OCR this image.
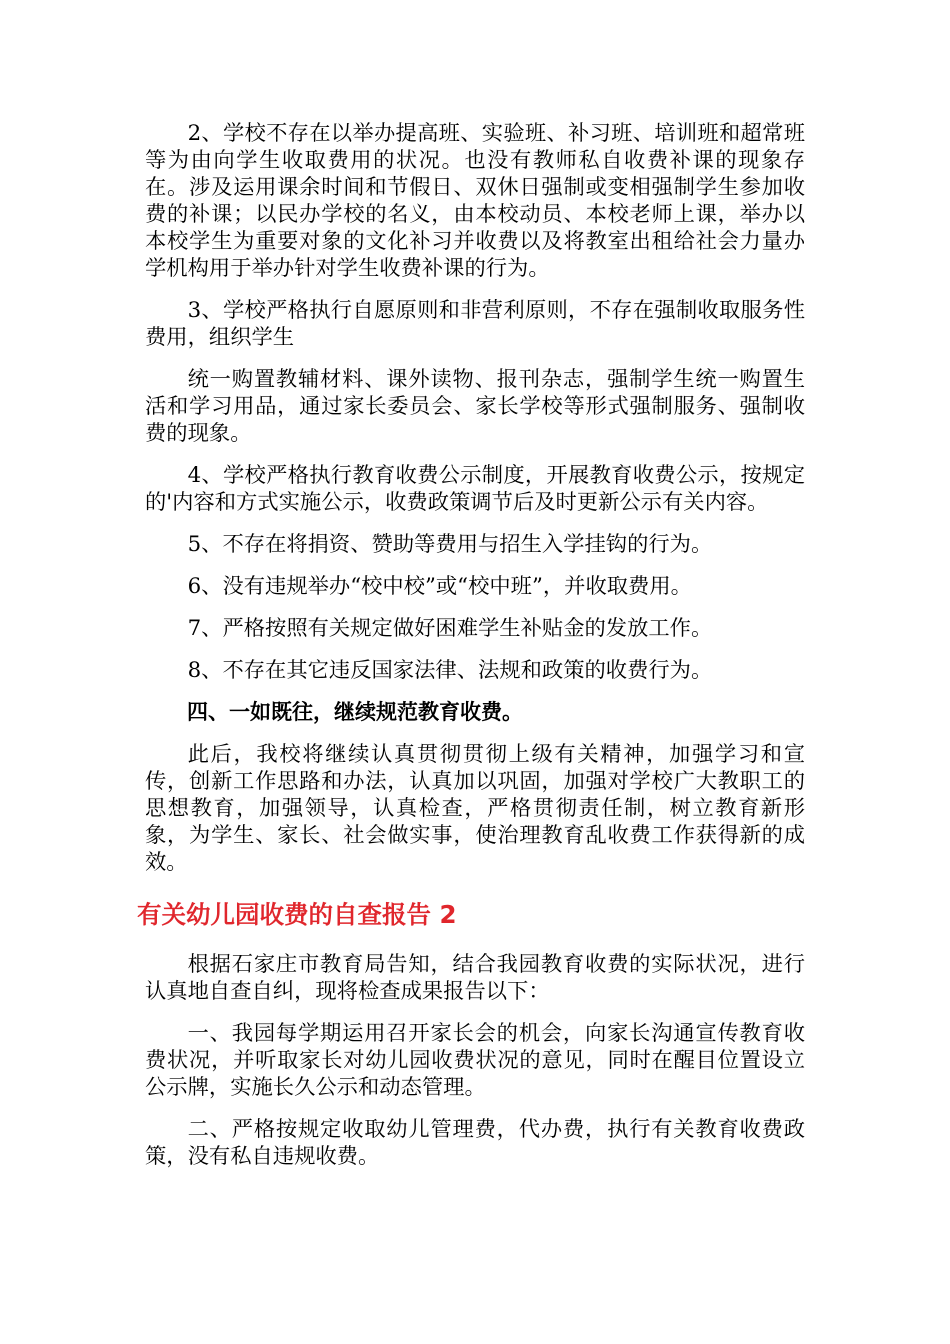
2、学校不存在以举办提高班、实验班、补习班、培训班和超常班等为由向学生收取费用的状况。也没有教师私自收费补课的现象存在。涉及运用课余时间和节假日、双休日强制或变相强制学生参加收费的补课；以民办学校的名义，由本校动员、本校老师上课，举办以本校学生为重要对象的文化补习并收费以及将教室出租给社会力量办学机构用于举办针对学生收费补课的行为。

3、学校严格执行自愿原则和非营利原则，不存在强制收取服务性费用，组织学生

统一购置教辅材料、课外读物、报刊杂志，强制学生统一购置生活和学习用品，通过家长委员会、家长学校等形式强制服务、强制收费的现象。

4、学校严格执行教育收费公示制度，开展教育收费公示，按规定的'内容和方式实施公示，收费政策调节后及时更新公示有关内容。

5、不存在将捐资、赞助等费用与招生入学挂钩的行为。

6、没有违规举办“校中校”或“校中班”，并收取费用。

7、严格按照有关规定做好困难学生补贴金的发放工作。

8、不存在其它违反国家法律、法规和政策的收费行为。

四、一如既往，继续规范教育收费。

此后，我校将继续认真贯彻贯彻上级有关精神，加强学习和宣传，创新工作思路和办法，认真加以巩固，加强对学校广大教职工的思想教育，加强领导，认真检查，严格贯彻责任制，树立教育新形象，为学生、家长、社会做实事，使治理教育乱收费工作获得新的成效。

有关幼儿园收费的自查报告 2

根据石家庄市教育局告知，结合我园教育收费的实际状况，进行认真地自查自纠，现将检查成果报告以下：

一、我园每学期运用召开家长会的机会，向家长沟通宣传教育收费状况，并听取家长对幼儿园收费状况的意见，同时在醒目位置设立公示牌，实施长久公示和动态管理。

二、严格按规定收取幼儿管理费，代办费，执行有关教育收费政策，没有私自违规收费。
